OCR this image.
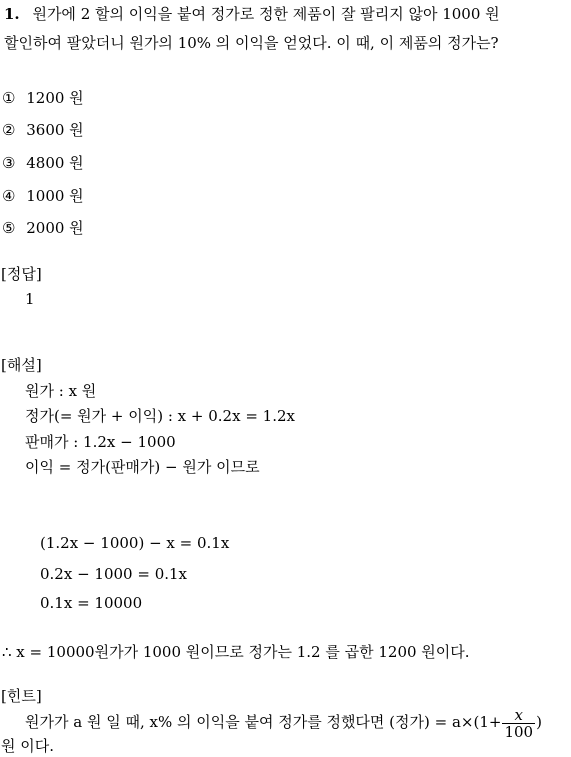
1. 원가에 2 할의 이익을 붙여 정가로 정한 제품이 잘 팔리지 않아 1000 원
할인하여 팔았더니 원가의 10% 의 이익을 얻었다. 이 때, 이 제품의 정가는?
① 1200 원
② 3600 원
③ 4800 원
④ 1000 원
⑤ 2000 원
[정답]
1
[해설]
원가 : x 원
정가(= 원가 + 이익) : x + 0.2x = 1.2x
판매가 : 1.2x − 1000
이익 = 정가(판매가) − 원가 이므로
(1.2x − 1000) − x = 0.1x
0.2x − 1000 = 0.1x
0.1x = 10000
∴ x = 10000원가가 1000 원이므로 정가는 1.2 를 곱한 1200 원이다.
[힌트]
원가가 a 원 일 때, x% 의 이익을 붙여 정가를 정했다면 (정가) = $a\times(1+ \frac{x}{100}$ )
원 이다.
